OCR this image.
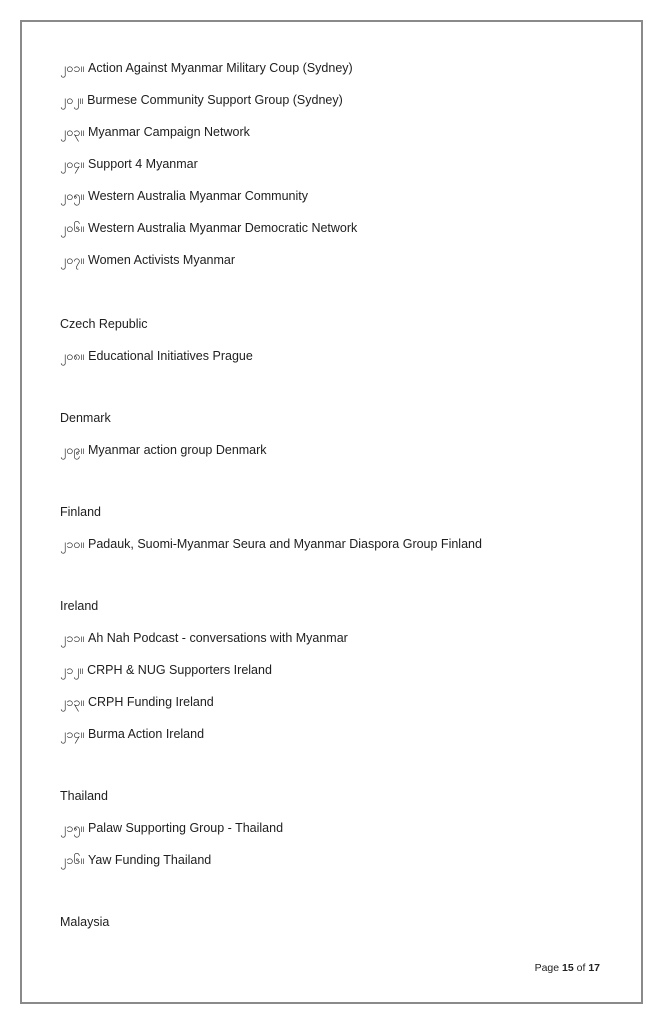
၂၀၁။ Action Against Myanmar Military Coup (Sydney)
၂၀၂။ Burmese Community Support Group (Sydney)
၂၀၃။ Myanmar Campaign Network
၂၀၄။ Support 4 Myanmar
၂၀၅။ Western Australia Myanmar Community
၂၀၆။ Western Australia Myanmar Democratic Network
၂၀၇။ Women Activists Myanmar
Czech Republic
၂၀၈။ Educational Initiatives Prague
Denmark
၂၀၉။ Myanmar action group Denmark
Finland
၂၁၀။ Padauk, Suomi-Myanmar Seura and Myanmar Diaspora Group Finland
Ireland
၂၁၁။ Ah Nah Podcast - conversations with Myanmar
၂၁၂။ CRPH & NUG Supporters Ireland
၂၁၃။ CRPH Funding Ireland
၂၁၄။ Burma Action Ireland
Thailand
၂၁၅။ Palaw Supporting Group - Thailand
၂၁၆။ Yaw Funding Thailand
Malaysia
Page 15 of 17
